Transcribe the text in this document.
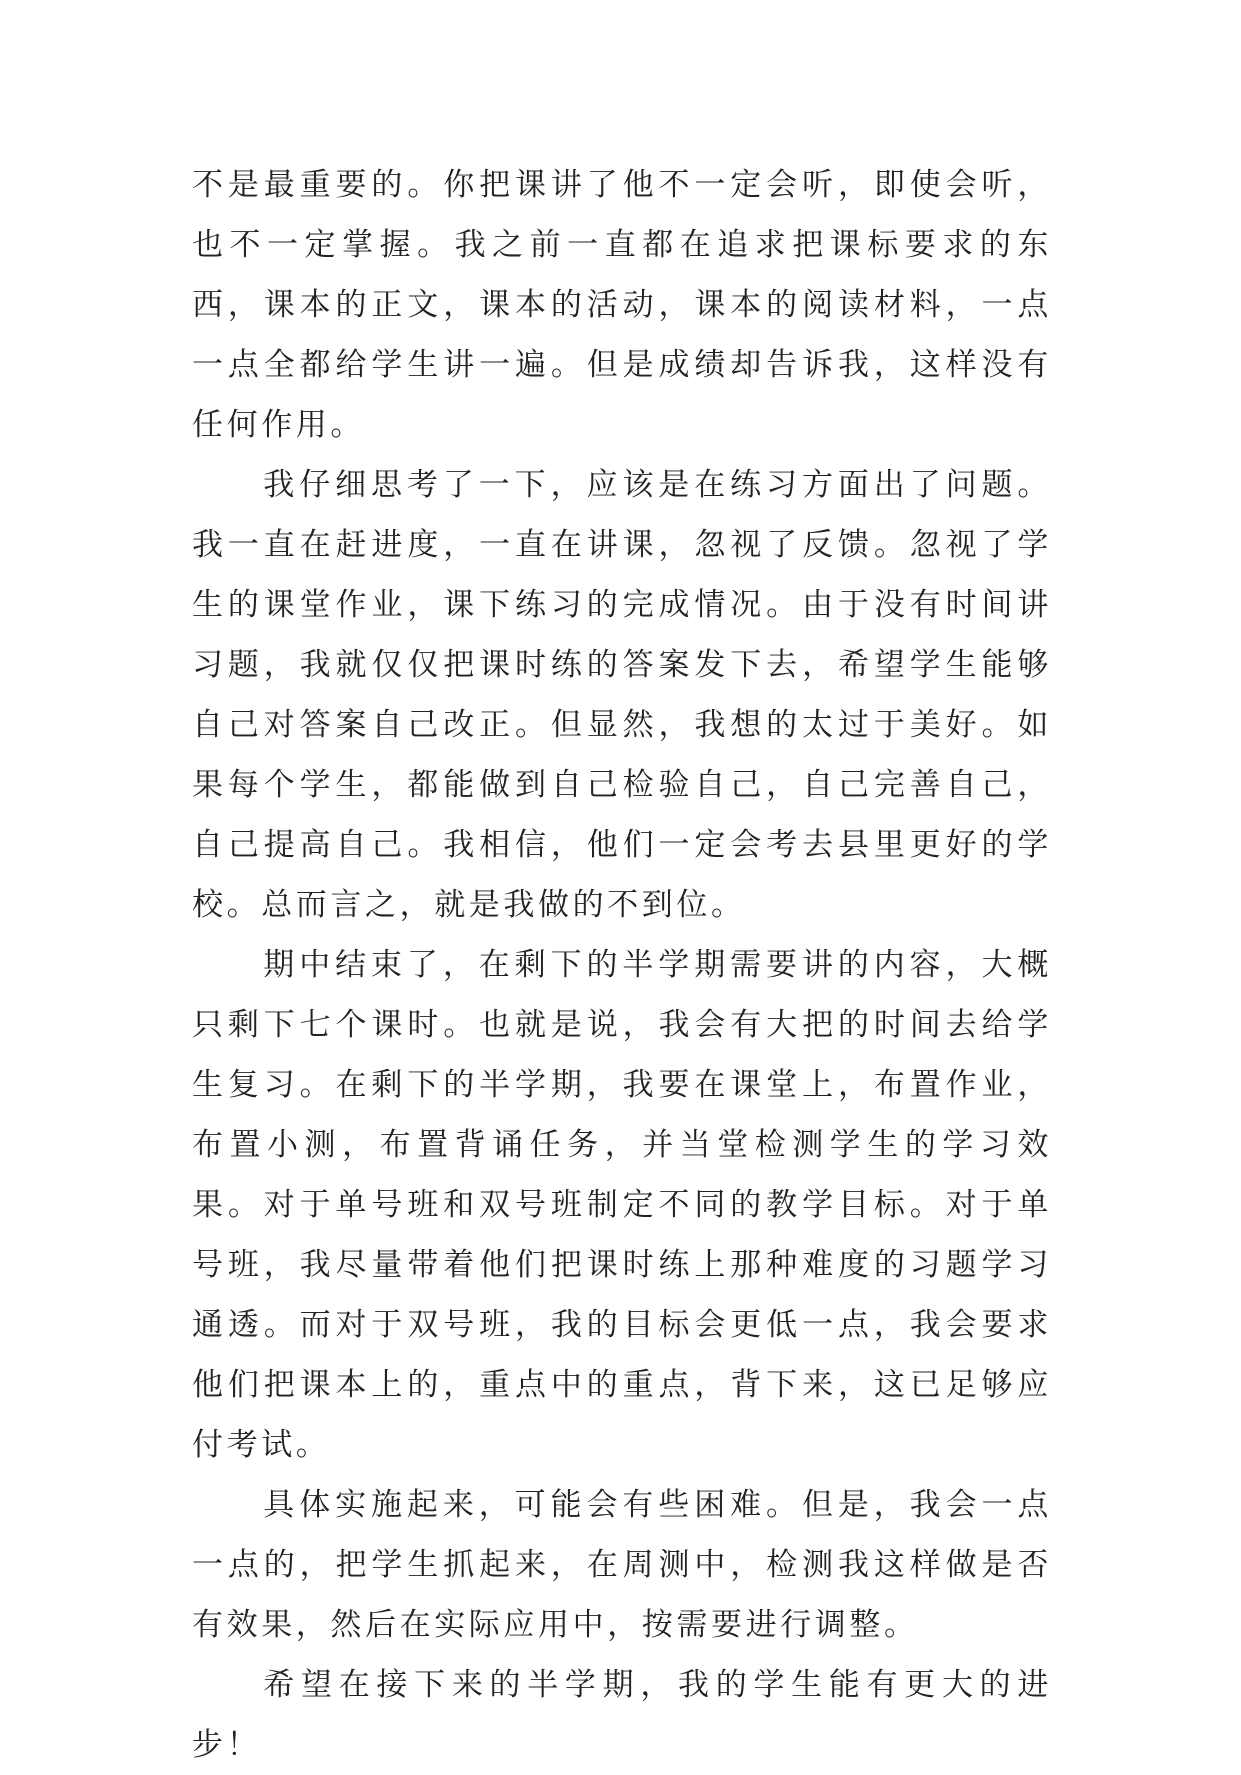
不是最重要的。你把课讲了他不一定会听，即使会听，也不一定掌握。我之前一直都在追求把课标要求的东西，课本的正文，课本的活动，课本的阅读材料，一点一点全都给学生讲一遍。但是成绩却告诉我，这样没有任何作用。

我仔细思考了一下，应该是在练习方面出了问题。我一直在赶进度，一直在讲课，忽视了反馈。忽视了学生的课堂作业，课下练习的完成情况。由于没有时间讲习题，我就仅仅把课时练的答案发下去，希望学生能够自己对答案自己改正。但显然，我想的太过于美好。如果每个学生，都能做到自己检验自己，自己完善自己，自己提高自己。我相信，他们一定会考去县里更好的学校。总而言之，就是我做的不到位。

期中结束了，在剩下的半学期需要讲的内容，大概只剩下七个课时。也就是说，我会有大把的时间去给学生复习。在剩下的半学期，我要在课堂上，布置作业，布置小测，布置背诵任务，并当堂检测学生的学习效果。对于单号班和双号班制定不同的教学目标。对于单号班，我尽量带着他们把课时练上那种难度的习题学习通透。而对于双号班，我的目标会更低一点，我会要求他们把课本上的，重点中的重点，背下来，这已足够应付考试。

具体实施起来，可能会有些困难。但是，我会一点一点的，把学生抓起来，在周测中，检测我这样做是否有效果，然后在实际应用中，按需要进行调整。

希望在接下来的半学期，我的学生能有更大的进步！
